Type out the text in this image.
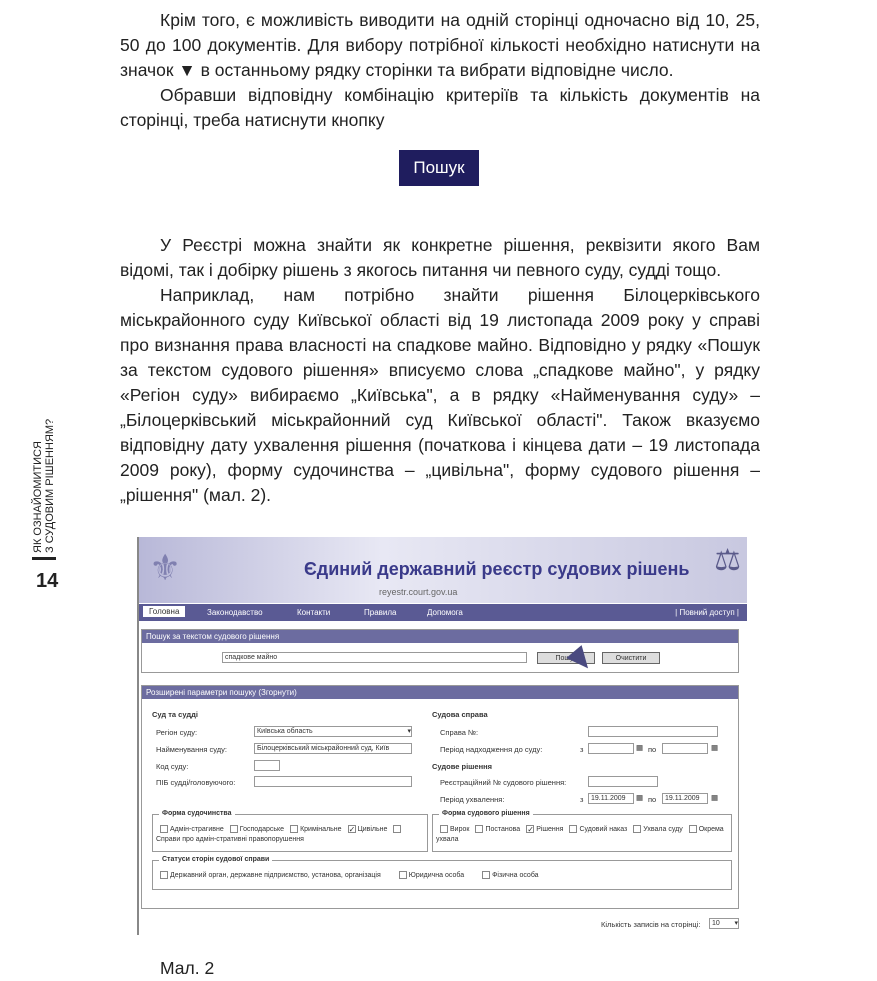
Крім того, є можливість виводити на одній сторінці одночасно від 10, 25, 50 до 100 документів. Для вибору потрібної кількості необхідно натиснути на значок ▼ в останньому рядку сторінки та вибрати відповідне число.
Обравши відповідну комбінацію критеріїв та кількість документів на сторінці, треба натиснути кнопку
Пошук
У Реєстрі можна знайти як конкретне рішення, реквізити якого Вам відомі, так і добірку рішень з якогось питання чи певного суду, судді тощо.
Наприклад, нам потрібно знайти рішення Білоцерківського міськрайонного суду Київської області від 19 листопада 2009 року у справі про визнання права власності на спадкове майно. Відповідно у рядку «Пошук за текстом судового рішення» вписуємо слова „спадкове майно", у рядку «Регіон суду» вибираємо „Київська", а в рядку «Найменування суду» – „Білоцерківський міськрайонний суд Київської області". Також вказуємо відповідну дату ухвалення рішення (початкова і кінцева дати – 19 листопада 2009 року), форму судочинства – „цивільна", форму судового рішення – „рішення" (мал. 2).
ЯК ОЗНАЙОМИТИСЯ З СУДОВИМ РІШЕННЯМ?
14	⚜	Єдиний державний реєстр судових рішень
reyestr.court.gov.ua
⚖
Головна	Законодавство	Контакти	Правила	Допомога	| Повний доступ |
Пошук за текстом судового рішення
спадкове майно	Пошук	Очистити
Розширені параметри пошуку (Згорнути)
Суд та судді
Регіон суду:	Київська область	▾
Найменування суду:	Білоцерківський міськрайонний суд, Київ
Код суду:
ПІБ судді/головуючого:
Судова справа
Справа №:
Період надходження до суду:	з	▦ по	▦
Судове рішення
Реєстраційний № судового рішення:
Період ухвалення:	з	19.11.2009	▦ по	19.11.2009	▦
Форма судочинства
Адмін-страгивне Господарське Кримінальне ✓ ЦивільнеСправи про адмін-стративні правопорушення
Форма судового рішення
Вирок Постанова ✓ Рішення Судовий наказ Ухвала суду Окрема ухвала
Статуси сторін судової справи
Державний орган, державне підприємство, установа, організація	Юридична особа	Фізична особа
Кількість записів на сторінці:	10 ▾
Мал. 2
